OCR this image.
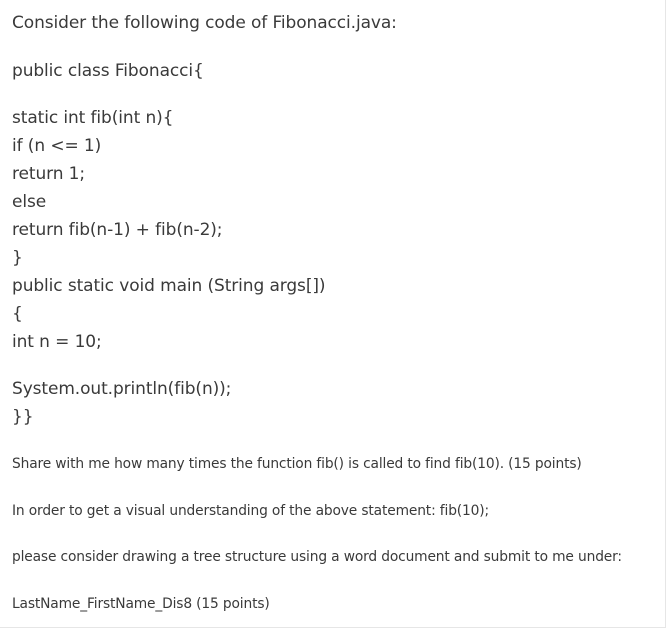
Consider the following code of Fibonacci.java:
public class Fibonacci{
static int fib(int n){
if (n <= 1)
return 1;
else
return fib(n-1) + fib(n-2);
}
public static void main (String args[])
{
int n = 10;
System.out.println(fib(n));
}}
Share with me how many times the function fib() is called to find fib(10). (15 points)
In order to get a visual understanding of the above statement: fib(10);
please consider drawing a tree structure using a word document and submit to me under:
LastName_FirstName_Dis8 (15 points)
